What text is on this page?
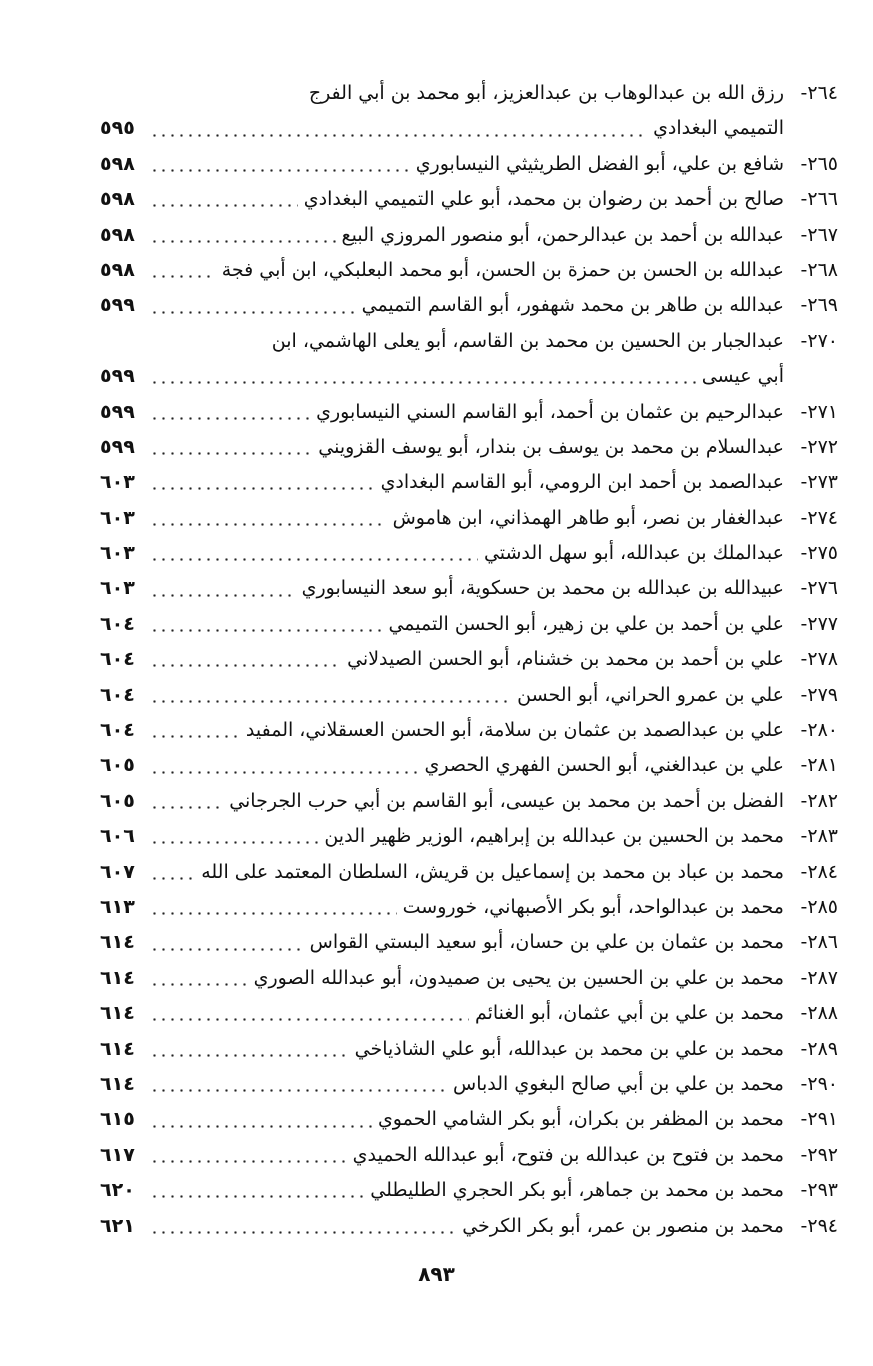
٢٦٤-
رزق الله بن عبدالوهاب بن عبدالعزيز، أبو محمد بن أبي الفرج
التميمي البغدادي
٥٩٥
٢٦٥-
شافع بن علي، أبو الفضل الطريثيثي النيسابوري
٥٩٨
٢٦٦-
صالح بن أحمد بن رضوان بن محمد، أبو علي التميمي البغدادي
٥٩٨
٢٦٧-
عبدالله بن أحمد بن عبدالرحمن، أبو منصور المروزي البيع
٥٩٨
٢٦٨-
عبدالله بن الحسن بن حمزة بن الحسن، أبو محمد البعلبكي، ابن أبي فجة
٥٩٨
٢٦٩-
عبدالله بن طاهر بن محمد شهفور، أبو القاسم التميمي
٥٩٩
٢٧٠-
عبدالجبار بن الحسين بن محمد بن القاسم، أبو يعلى الهاشمي، ابن
أبي عيسى
٥٩٩
٢٧١-
عبدالرحيم بن عثمان بن أحمد، أبو القاسم السني النيسابوري
٥٩٩
٢٧٢-
عبدالسلام بن محمد بن يوسف بن بندار، أبو يوسف القزويني
٥٩٩
٢٧٣-
عبدالصمد بن أحمد ابن الرومي، أبو القاسم البغدادي
٦٠٣
٢٧٤-
عبدالغفار بن نصر، أبو طاهر الهمذاني، ابن هاموش
٦٠٣
٢٧٥-
عبدالملك بن عبدالله، أبو سهل الدشتي
٦٠٣
٢٧٦-
عبيدالله بن عبدالله بن محمد بن حسكوية، أبو سعد النيسابوري
٦٠٣
٢٧٧-
علي بن أحمد بن علي بن زهير، أبو الحسن التميمي
٦٠٤
٢٧٨-
علي بن أحمد بن محمد بن خشنام، أبو الحسن الصيدلاني
٦٠٤
٢٧٩-
علي بن عمرو الحراني، أبو الحسن
٦٠٤
٢٨٠-
علي بن عبدالصمد بن عثمان بن سلامة، أبو الحسن العسقلاني، المفيد
٦٠٤
٢٨١-
علي بن عبدالغني، أبو الحسن الفهري الحصري
٦٠٥
٢٨٢-
الفضل بن أحمد بن محمد بن عيسى، أبو القاسم بن أبي حرب الجرجاني
٦٠٥
٢٨٣-
محمد بن الحسين بن عبدالله بن إبراهيم، الوزير ظهير الدين
٦٠٦
٢٨٤-
محمد بن عباد بن محمد بن إسماعيل بن قريش، السلطان المعتمد على الله
٦٠٧
٢٨٥-
محمد بن عبدالواحد، أبو بكر الأصبهاني، خوروست
٦١٣
٢٨٦-
محمد بن عثمان بن علي بن حسان، أبو سعيد البستي القواس
٦١٤
٢٨٧-
محمد بن علي بن الحسين بن يحيى بن صميدون، أبو عبدالله الصوري
٦١٤
٢٨٨-
محمد بن علي بن أبي عثمان، أبو الغنائم
٦١٤
٢٨٩-
محمد بن علي بن محمد بن عبدالله، أبو علي الشاذياخي
٦١٤
٢٩٠-
محمد بن علي بن أبي صالح البغوي الدباس
٦١٤
٢٩١-
محمد بن المظفر بن بكران، أبو بكر الشامي الحموي
٦١٥
٢٩٢-
محمد بن فتوح بن عبدالله بن فتوح، أبو عبدالله الحميدي
٦١٧
٢٩٣-
محمد بن محمد بن جماهر، أبو بكر الحجري الطليطلي
٦٢٠
٢٩٤-
محمد بن منصور بن عمر، أبو بكر الكرخي
٦٢١
٨٩٣
